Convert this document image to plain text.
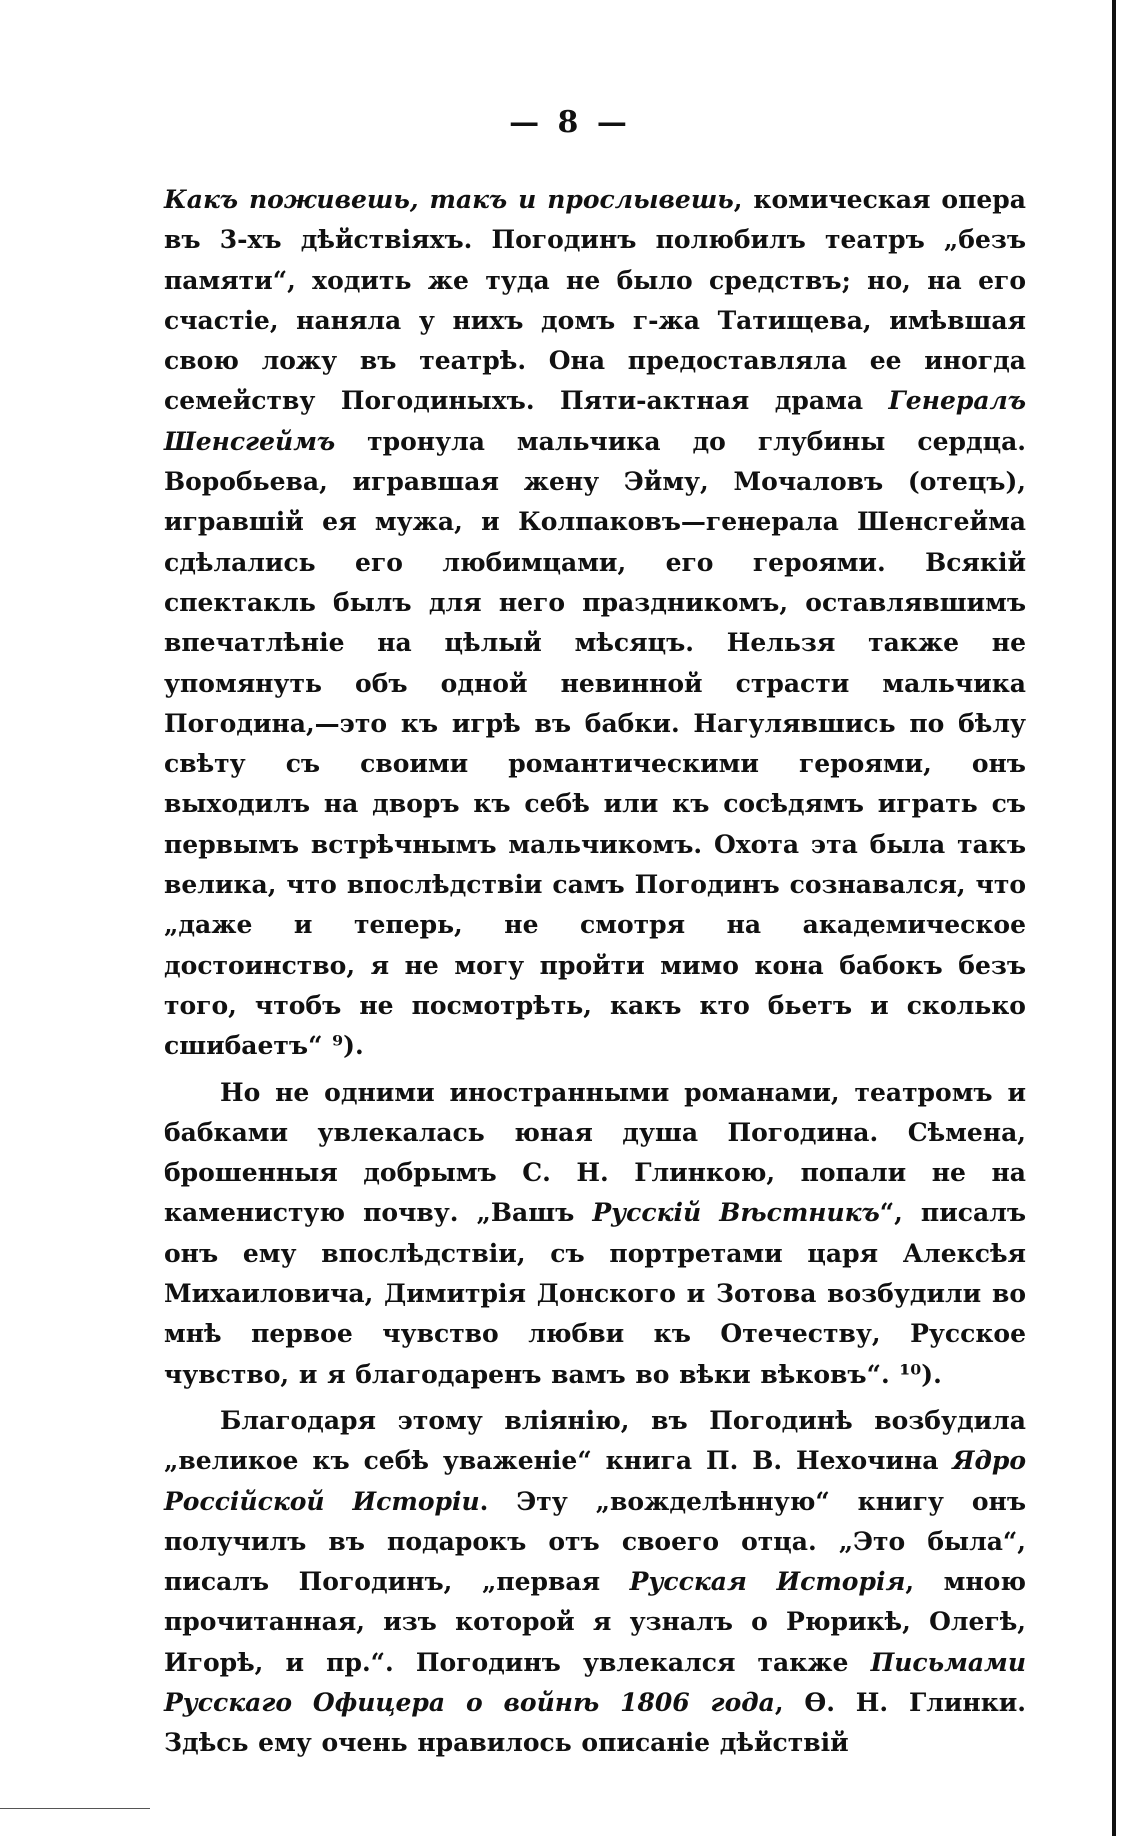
— 8 —

Какъ поживешь, такъ и прослывешь, комическая опера въ 3-хъ дѣйствіяхъ. Погодинъ полюбилъ театръ „безъ памяти“, ходить же туда не было средствъ; но, на его счастіе, наняла у нихъ домъ г-жа Татищева, имѣвшая свою ложу въ театрѣ. Она предоставляла ее иногда семейству Погодиныхъ. Пяти-актная драма Генералъ Шенсгеймъ тронула мальчика до глубины сердца. Воробьева, игравшая жену Эйму, Мочаловъ (отецъ), игравшій ея мужа, и Колпаковъ—генерала Шенсгейма сдѣлались его любимцами, его героями. Всякій спектакль былъ для него праздникомъ, оставлявшимъ впечатлѣніе на цѣлый мѣсяцъ. Нельзя также не упомянуть объ одной невинной страсти мальчика Погодина,—это къ игрѣ въ бабки. Нагулявшись по бѣлу свѣту съ своими романтическими героями, онъ выходилъ на дворъ къ себѣ или къ сосѣдямъ играть съ первымъ встрѣчнымъ мальчикомъ. Охота эта была такъ велика, что впослѣдствіи самъ Погодинъ сознавался, что „даже и теперь, не смотря на академическое достоинство, я не могу пройти мимо кона бабокъ безъ того, чтобъ не посмотрѣть, какъ кто бьетъ и сколько сшибаетъ“ ⁹).

Но не одними иностранными романами, театромъ и бабками увлекалась юная душа Погодина. Сѣмена, брошенныя добрымъ С. Н. Глинкою, попали не на каменистую почву. „Вашъ Русскій Вѣстникъ“, писалъ онъ ему впослѣдствіи, съ портретами царя Алексѣя Михаиловича, Димитрія Донского и Зотова возбудили во мнѣ первое чувство любви къ Отечеству, Русское чувство, и я благодаренъ вамъ во вѣки вѣковъ“. ¹⁰).

Благодаря этому вліянію, въ Погодинѣ возбудила „великое къ себѣ уваженіе“ книга П. В. Нехочина Ядро Россійской Исторіи. Эту „вожделѣнную“ книгу онъ получилъ въ подарокъ отъ своего отца. „Это была“, писалъ Погодинъ, „первая Русская Исторія, мною прочитанная, изъ которой я узналъ о Рюрикѣ, Олегѣ, Игорѣ, и пр.“. Погодинъ увлекался также Письмами Русскаго Офицера о войнѣ 1806 года, Ѳ. Н. Глинки. Здѣсь ему очень нравилось описаніе дѣйствій
